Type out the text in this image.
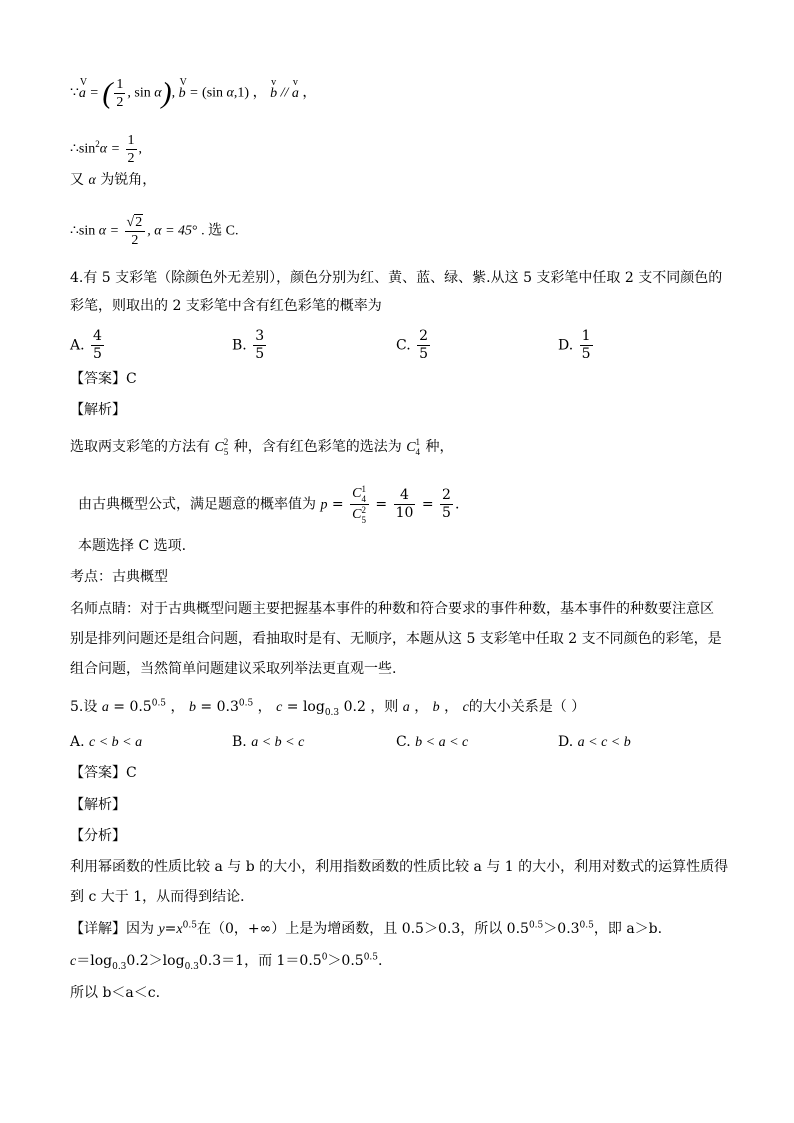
∵a
V
= ( $\frac{1}{2}$ , sin α), b
V
= (sin α,1) ， b
v
// a
v
，
$\therefore\sin^2\alpha = \frac{1}{2}$ ,
又 α 为锐角，
∴sin $\alpha = \frac{√2}{2}$ , α = 45° . 选 C.
4.有 5 支彩笔（除颜色外无差别），颜色分别为红、黄、蓝、绿、紫.从这 5 支彩笔中任取 2 支不同颜色的
彩笔，则取出的 2 支彩笔中含有红色彩笔的概率为
A. $\frac{4}{5}$	B. $\frac{3}{5}$	C. $\frac{2}{5}$	D. $\frac{1}{5}$
【答案】C
【解析】
选取两支彩笔的方法有 C 2
5 种，含有红色彩笔的选法为 C 1
4 种，
由古典概型公式，满足题意的概率值为 p = C 1
4
C 2
$5 = \frac{4}{10} = \frac{2}{5}$ .
本题选择 C 选项.
考点：古典概型
名师点睛：对于古典概型问题主要把握基本事件的种数和符合要求的事件种数，基本事件的种数要注意区
别是排列问题还是组合问题，看抽取时是有、无顺序，本题从这 5 支彩笔中任取 2 支不同颜色的彩笔，是
组合问题，当然简单问题建议采取列举法更直观一些.
5.设 $a = 0.5^{0.5}$ ， $b = 0.3^{0.5}$ ， $c = \log_{0.3} 0.2$ ，则 a ， b ， c的大小关系是（ ）
A. c < b < a	B. a < b < c	C. b < a < c	D. a < c < b
【答案】C
【解析】
【分析】
利用幂函数的性质比较 a 与 b 的大小，利用指数函数的性质比较 a 与 1 的大小，利用对数式的运算性质得
到 c 大于 1，从而得到结论．
【详解】因为 $y=x^{0.5}$在（0，+∞）上是为增函数，且 0.5＞0.3，所以 $0.5^{0.5}>0.3^{0.5}$，即 a＞b.
$c=\log_{0.3}0.2>\log_{0.3}0.3=1$，而 $1=0.5^0>0.5^{0.5}$.
所以 b＜a＜c.
